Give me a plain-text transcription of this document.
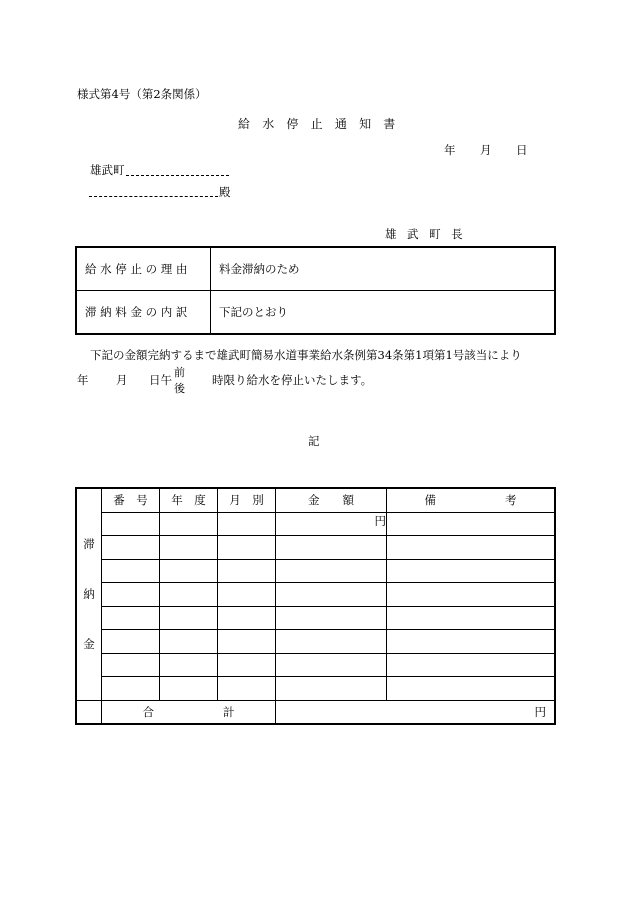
様式第4号（第2条関係）
給 水 停 止 通 知 書
年 月 日
雄武町
殿
雄 武 町 長
給 水 停 止 の 理 由	料金滞納のため
滞 納 料 金 の 内 訳	下記のとおり
下記の金額完納するまで雄武町簡易水道事業給水条例第34条第1項第1号該当により
年 月 日午
前
後
時限り給水を停止いたします。
記
滞
納
金	番　号	年　度	月　別	金　　額	備　　　　　　考
				円	

	合　　　　　　計			円	
